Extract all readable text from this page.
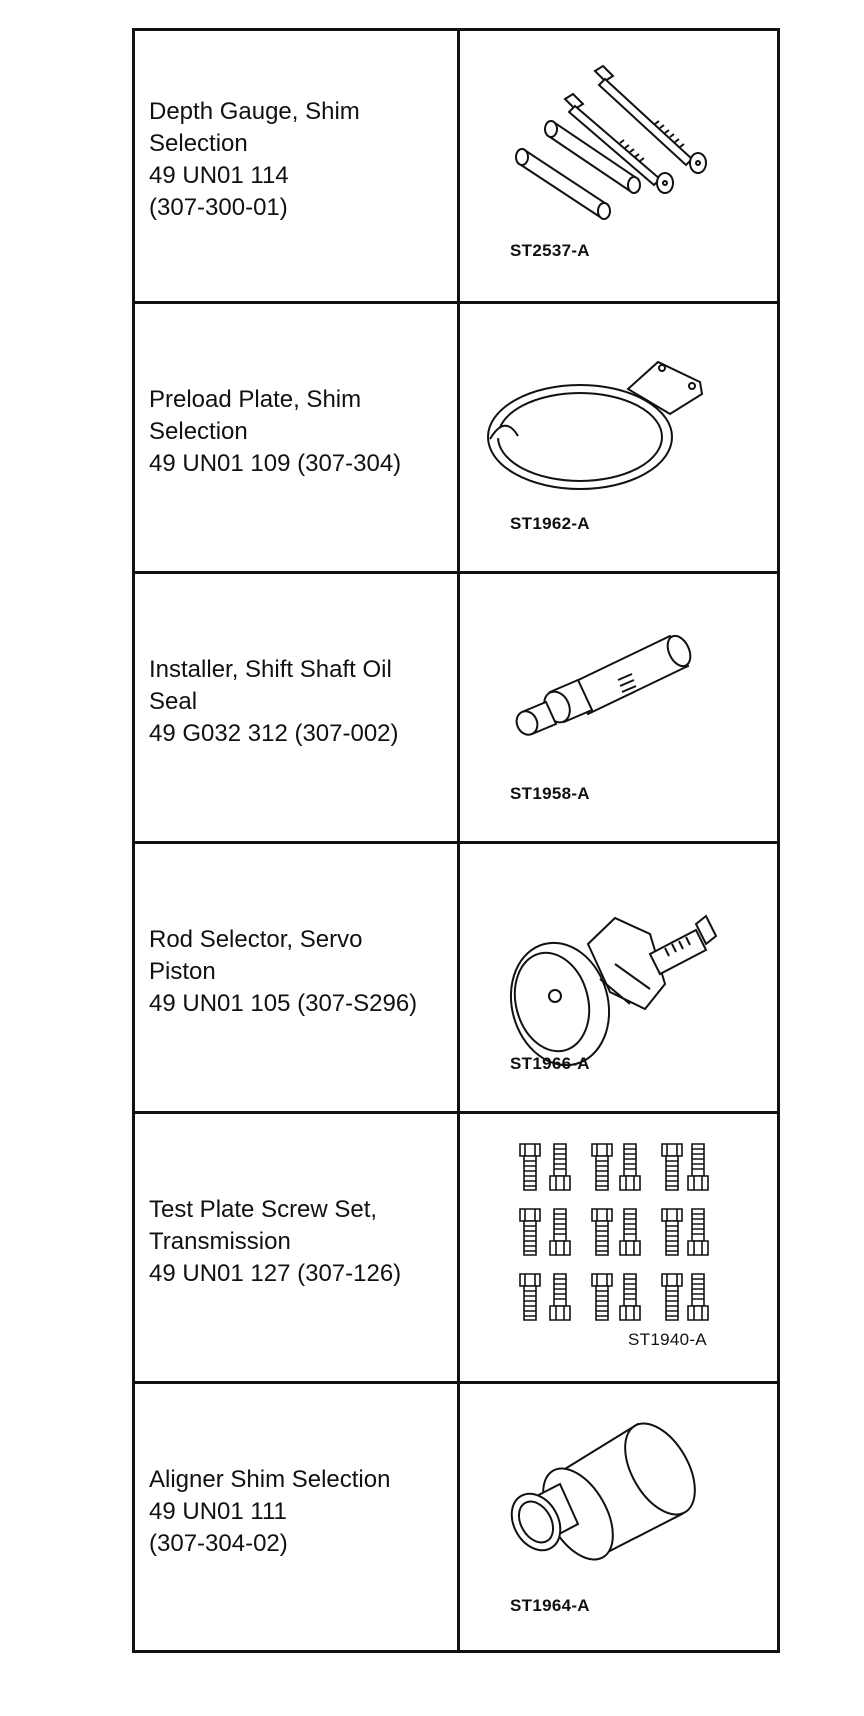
Depth Gauge, Shim
Selection
49 UN01 114
(307-300-01)
ST2537-A
Preload Plate, Shim
Selection
49 UN01 109 (307-304)
ST1962-A
Installer, Shift Shaft Oil
Seal
49 G032 312 (307-002)
ST1958-A
Rod Selector, Servo
Piston
49 UN01 105 (307-S296)
ST1966-A
Test Plate Screw Set,
Transmission
49 UN01 127 (307-126)
ST1940-A
Aligner Shim Selection
49 UN01 111
(307-304-02)
ST1964-A
